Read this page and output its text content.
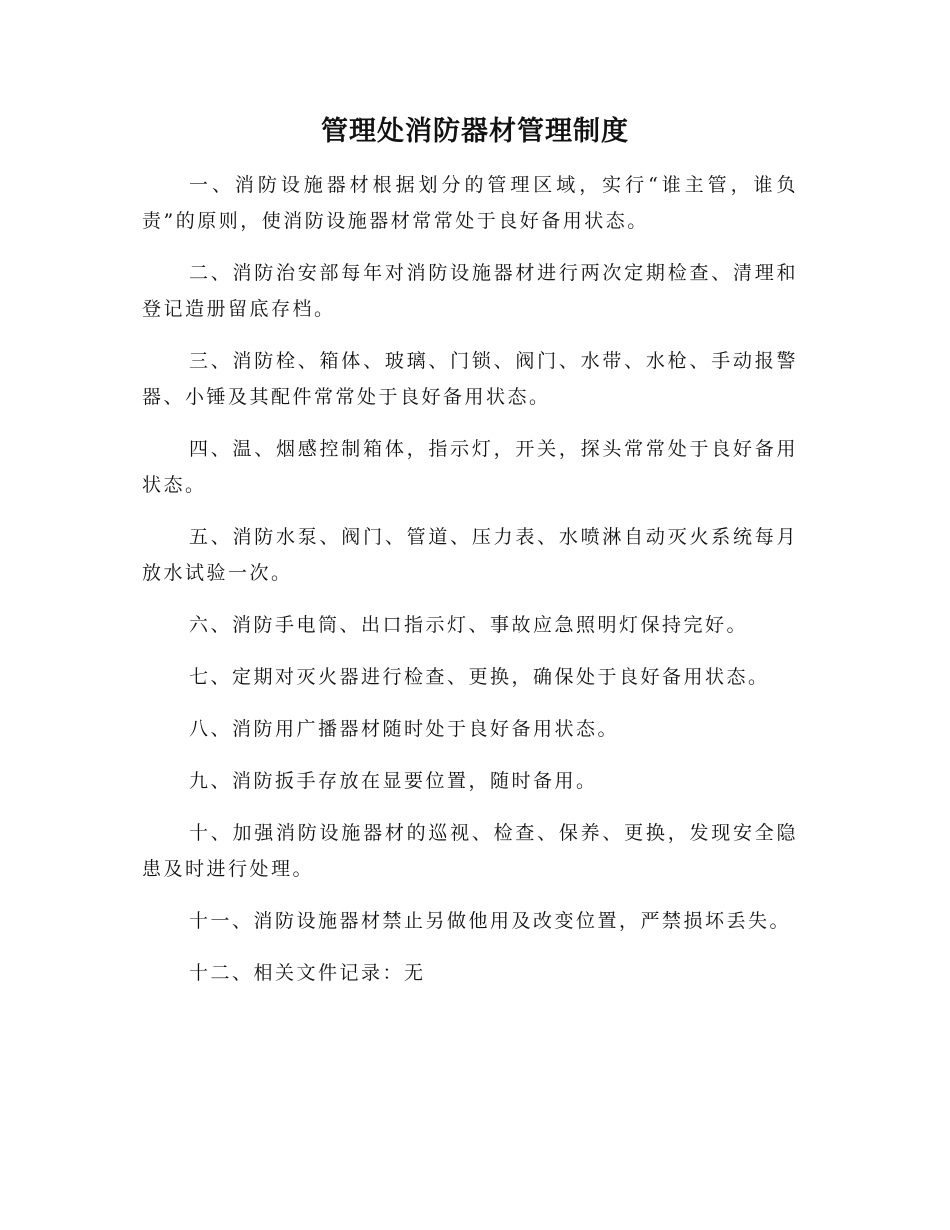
管理处消防器材管理制度

一、消防设施器材根据划分的管理区域，实行“谁主管，谁负责”的原则，使消防设施器材常常处于良好备用状态。

二、消防治安部每年对消防设施器材进行两次定期检查、清理和登记造册留底存档。

三、消防栓、箱体、玻璃、门锁、阀门、水带、水枪、手动报警器、小锤及其配件常常处于良好备用状态。

四、温、烟感控制箱体，指示灯，开关，探头常常处于良好备用状态。

五、消防水泵、阀门、管道、压力表、水喷淋自动灭火系统每月放水试验一次。

六、消防手电筒、出口指示灯、事故应急照明灯保持完好。

七、定期对灭火器进行检查、更换，确保处于良好备用状态。

八、消防用广播器材随时处于良好备用状态。

九、消防扳手存放在显要位置，随时备用。

十、加强消防设施器材的巡视、检查、保养、更换，发现安全隐患及时进行处理。

十一、消防设施器材禁止另做他用及改变位置，严禁损坏丢失。

十二、相关文件记录：无
